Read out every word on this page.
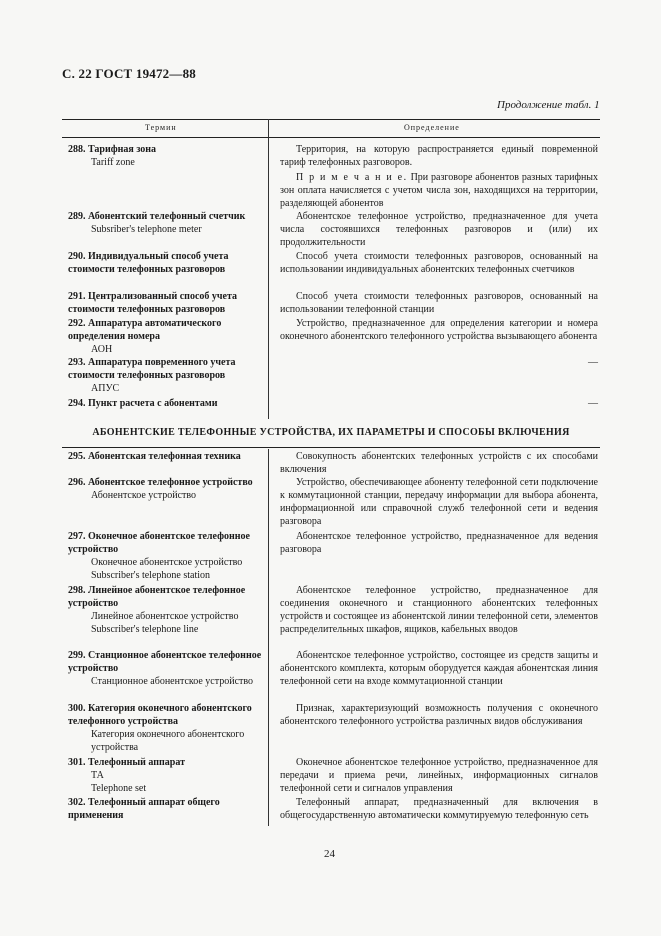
С. 22 ГОСТ 19472—88
Продолжение табл. 1
Термин	Определение
288. Тарифная зона
Tariff zone

Территория, на которую распространяется единый повременной тариф телефонных разговоров.

П р и м е ч а н и е. При разговоре абонентов разных тарифных зон оплата начисляется с учетом числа зон, находящихся на территории, разделяющей абонентов

289. Абонентский телефонный счетчик
Subsriber's telephone meter

Абонентское телефонное устройство, предназначенное для учета числа состоявшихся телефонных разговоров и (или) их продолжительности

290. Индивидуальный способ учета стоимости телефонных разговоров

Способ учета стоимости телефонных разговоров, основанный на использовании индивидуальных абонентских телефонных счетчиков

291. Централизованный способ учета стоимости телефонных разговоров

Способ учета стоимости телефонных разговоров, основанный на использовании телефонной станции

292. Аппаратура автоматического определения номера
АОН

Устройство, предназначенное для определения категории и номера оконечного абонентского телефонного устройства вызывающего абонента

293. Аппаратура повременного учета стоимости телефонных разговоров
АПУС
—
294. Пункт расчета с абонентами	—
АБОНЕНТСКИЕ ТЕЛЕФОННЫЕ УСТРОЙСТВА, ИХ ПАРАМЕТРЫ И СПОСОБЫ ВКЛЮЧЕНИЯ
295. Абонентская телефонная техника	Совокупность абонентских телефонных устройств с их способами включения

296. Абонентское телефонное устройство
Абонентское устройство

Устройство, обеспечивающее абоненту телефонной сети подключение к коммутационной станции, передачу информации для выбора абонента, информационной или справочной служб телефонной сети и ведения разговора

297. Оконечное абонентское телефонное устройство
Оконечное абонентское устройство
Subscriber's telephone station

Абонентское телефонное устройство, предназначенное для ведения разговора

298. Линейное абонентское телефонное устройство
Линейное абонентское устройство
Subscriber's telephone line

Абонентское телефонное устройство, предназначенное для соединения оконечного и станционного абонентских телефонных устройств и состоящее из абонентской линии телефонной сети, элементов распределительных шкафов, ящиков, кабельных вводов

299. Станционное абонентское телефонное устройство
Станционное абонентское устройство

Абонентское телефонное устройство, состоящее из средств защиты и абонентского комплекта, которым оборудуется каждая абонентская линия телефонной сети на входе коммутационной станции

300. Категория оконечного абонентского телефонного устройства
Категория оконечного абонентского устройства

Признак, характеризующий возможность получения с оконечного абонентского телефонного устройства различных видов обслуживания

301. Телефонный аппарат
ТА
Telephone set

Оконечное абонентское телефонное устройство, предназначенное для передачи и приема речи, линейных, информационных сигналов телефонной сети и сигналов управления

302. Телефонный аппарат общего применения

Телефонный аппарат, предназначенный для включения в общегосударственную автоматически коммутируемую телефонную сеть

24
